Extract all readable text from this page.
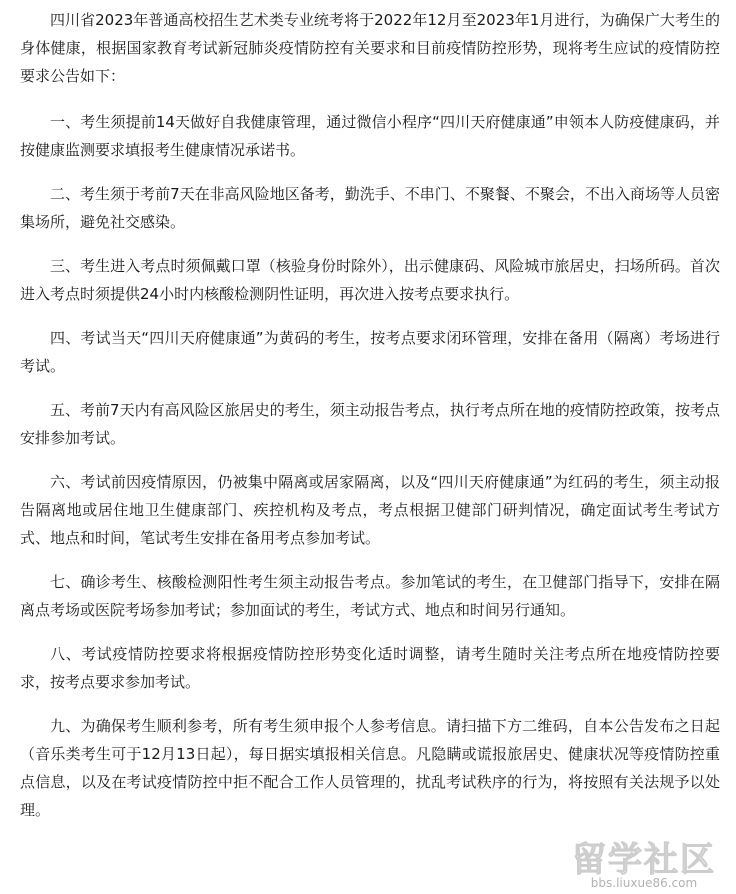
四川省2023年普通高校招生艺术类专业统考将于2022年12月至2023年1月进行，为确保广大考生的身体健康，根据国家教育考试新冠肺炎疫情防控有关要求和目前疫情防控形势，现将考生应试的疫情防控要求公告如下：

一、考生须提前14天做好自我健康管理，通过微信小程序“四川天府健康通”申领本人防疫健康码，并按健康监测要求填报考生健康情况承诺书。

二、考生须于考前7天在非高风险地区备考，勤洗手、不串门、不聚餐、不聚会，不出入商场等人员密集场所，避免社交感染。

三、考生进入考点时须佩戴口罩（核验身份时除外），出示健康码、风险城市旅居史，扫场所码。首次进入考点时须提供24小时内核酸检测阴性证明，再次进入按考点要求执行。

四、考试当天“四川天府健康通”为黄码的考生，按考点要求闭环管理，安排在备用（隔离）考场进行考试。

五、考前7天内有高风险区旅居史的考生，须主动报告考点，执行考点所在地的疫情防控政策，按考点安排参加考试。

六、考试前因疫情原因，仍被集中隔离或居家隔离，以及“四川天府健康通”为红码的考生，须主动报告隔离地或居住地卫生健康部门、疾控机构及考点，考点根据卫健部门研判情况，确定面试考生考试方式、地点和时间，笔试考生安排在备用考点参加考试。

七、确诊考生、核酸检测阳性考生须主动报告考点。参加笔试的考生，在卫健部门指导下，安排在隔离点考场或医院考场参加考试；参加面试的考生，考试方式、地点和时间另行通知。

八、考试疫情防控要求将根据疫情防控形势变化适时调整，请考生随时关注考点所在地疫情防控要求，按考点要求参加考试。

九、为确保考生顺利参考，所有考生须申报个人参考信息。请扫描下方二维码，自本公告发布之日起（音乐类考生可于12月13日起），每日据实填报相关信息。凡隐瞒或谎报旅居史、健康状况等疫情防控重点信息，以及在考试疫情防控中拒不配合工作人员管理的，扰乱考试秩序的行为，将按照有关法规予以处理。

留学社区
bbs.liuxue86.com
